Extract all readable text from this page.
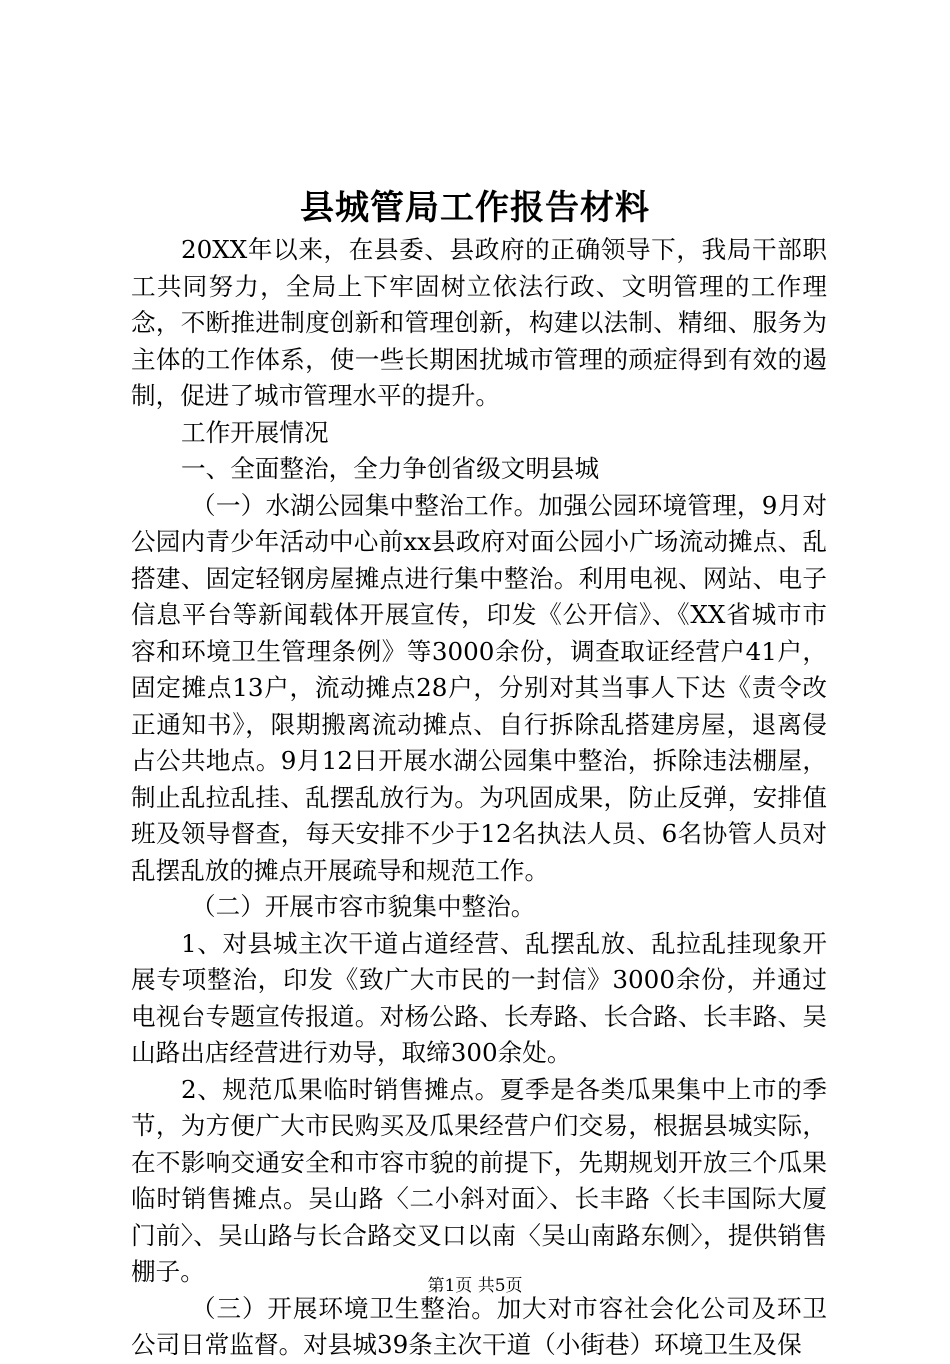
县城管局工作报告材料

20XX年以来，在县委、县政府的正确领导下，我局干部职工共同努力，全局上下牢固树立依法行政、文明管理的工作理念，不断推进制度创新和管理创新，构建以法制、精细、服务为主体的工作体系，使一些长期困扰城市管理的顽症得到有效的遏制，促进了城市管理水平的提升。

工作开展情况

一、全面整治，全力争创省级文明县城

（一）水湖公园集中整治工作。加强公园环境管理，9月对公园内青少年活动中心前xx县政府对面公园小广场流动摊点、乱搭建、固定轻钢房屋摊点进行集中整治。利用电视、网站、电子信息平台等新闻载体开展宣传，印发《公开信》、《XX省城市市容和环境卫生管理条例》等3000余份，调查取证经营户41户，固定摊点13户，流动摊点28户，分别对其当事人下达《责令改正通知书》，限期搬离流动摊点、自行拆除乱搭建房屋，退离侵占公共地点。9月12日开展水湖公园集中整治，拆除违法棚屋，制止乱拉乱挂、乱摆乱放行为。为巩固成果，防止反弹，安排值班及领导督查，每天安排不少于12名执法人员、6名协管人员对乱摆乱放的摊点开展疏导和规范工作。

（二）开展市容市貌集中整治。

1、对县城主次干道占道经营、乱摆乱放、乱拉乱挂现象开展专项整治，印发《致广大市民的一封信》3000余份，并通过电视台专题宣传报道。对杨公路、长寿路、长合路、长丰路、吴山路出店经营进行劝导，取缔300余处。

2、规范瓜果临时销售摊点。夏季是各类瓜果集中上市的季节，为方便广大市民购买及瓜果经营户们交易，根据县城实际，在不影响交通安全和市容市貌的前提下，先期规划开放三个瓜果临时销售摊点。吴山路〈二小斜对面〉、长丰路〈长丰国际大厦门前〉、吴山路与长合路交叉口以南〈吴山南路东侧〉，提供销售棚子。

（三）开展环境卫生整治。加大对市容社会化公司及环卫公司日常监督。对县城39条主次干道（小街巷）环境卫生及保

第1页 共5页
